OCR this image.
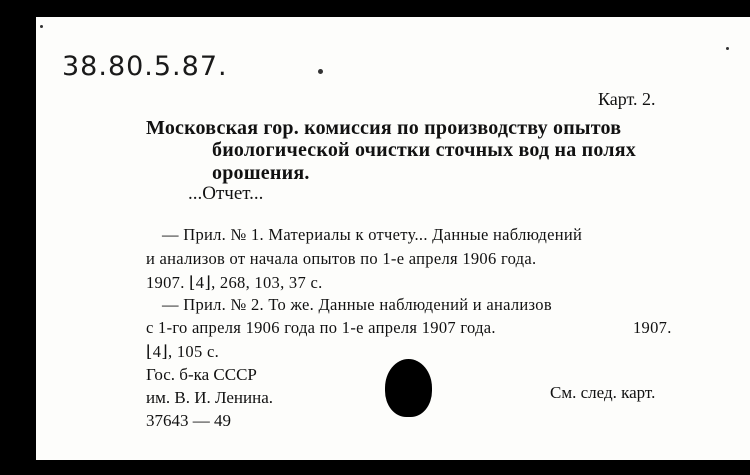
38.80.5.87.
Карт. 2.
Московская гор. комиссия по производству опытов
биологической очистки сточных вод на полях
орошения.
...Отчет...
— Прил. № 1. Материалы к отчету... Данные наблюдений
и анализов от начала опытов по 1-е апреля 1906 года.
1907. ⌊4⌋, 268, 103, 37 с.
— Прил. № 2. То же. Данные наблюдений и анализов
с 1-го апреля 1906 года по 1-е апреля 1907 года.	1907.
⌊4⌋, 105 с.
Гос. б-ка СССР
им. В. И. Ленина.
37643 — 49
См. след. карт.
